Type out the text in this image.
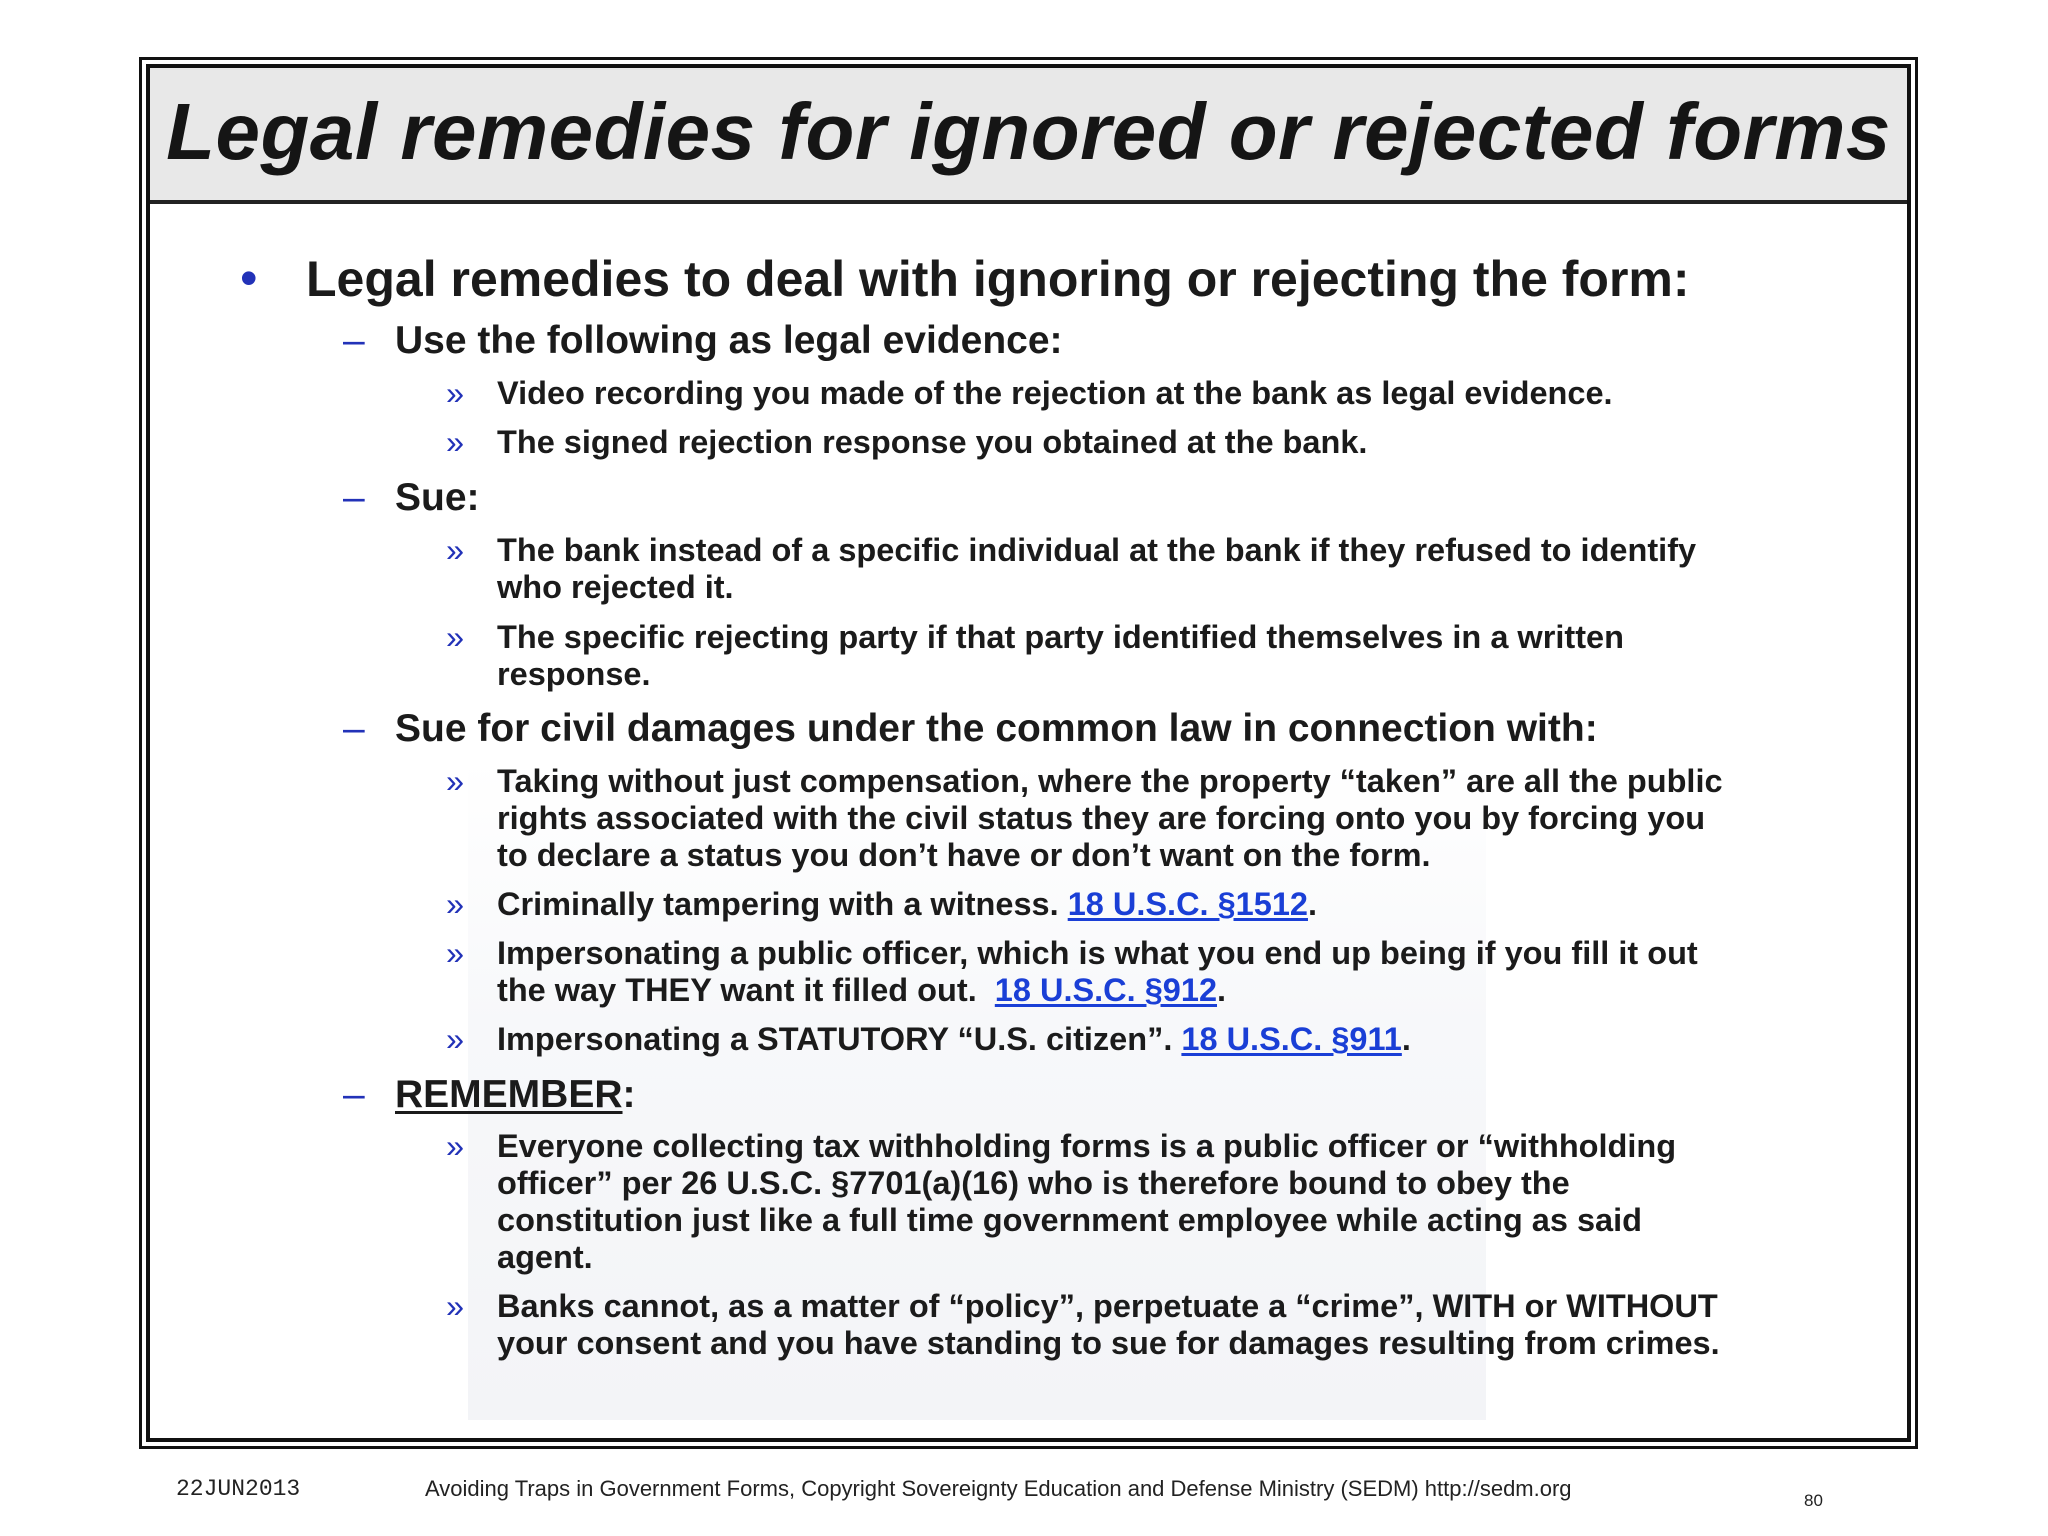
Legal remedies for ignored or rejected forms
• Legal remedies to deal with ignoring or rejecting the form:
– Use the following as legal evidence:
» Video recording you made of the rejection at the bank as legal evidence.
» The signed rejection response you obtained at the bank.
– Sue:
» The bank instead of a specific individual at the bank if they refused to identify
who rejected it.
» The specific rejecting party if that party identified themselves in a written
response.
– Sue for civil damages under the common law in connection with:
» Taking without just compensation, where the property “taken” are all the public
rights associated with the civil status they are forcing onto you by forcing you
to declare a status you don’t have or don’t want on the form.
» Criminally tampering with a witness. 18 U.S.C. §1512.
» Impersonating a public officer, which is what you end up being if you fill it out
the way THEY want it filled out.  18 U.S.C. §912.
» Impersonating a STATUTORY “U.S. citizen”. 18 U.S.C. §911.
– REMEMBER:
» Everyone collecting tax withholding forms is a public officer or “withholding
officer” per 26 U.S.C. §7701(a)(16) who is therefore bound to obey the
constitution just like a full time government employee while acting as said
agent.
» Banks cannot, as a matter of “policy”, perpetuate a “crime”, WITH or WITHOUT
your consent and you have standing to sue for damages resulting from crimes.
22JUN2013	Avoiding Traps in Government Forms, Copyright Sovereignty Education and Defense Ministry (SEDM) http://sedm.org	80
